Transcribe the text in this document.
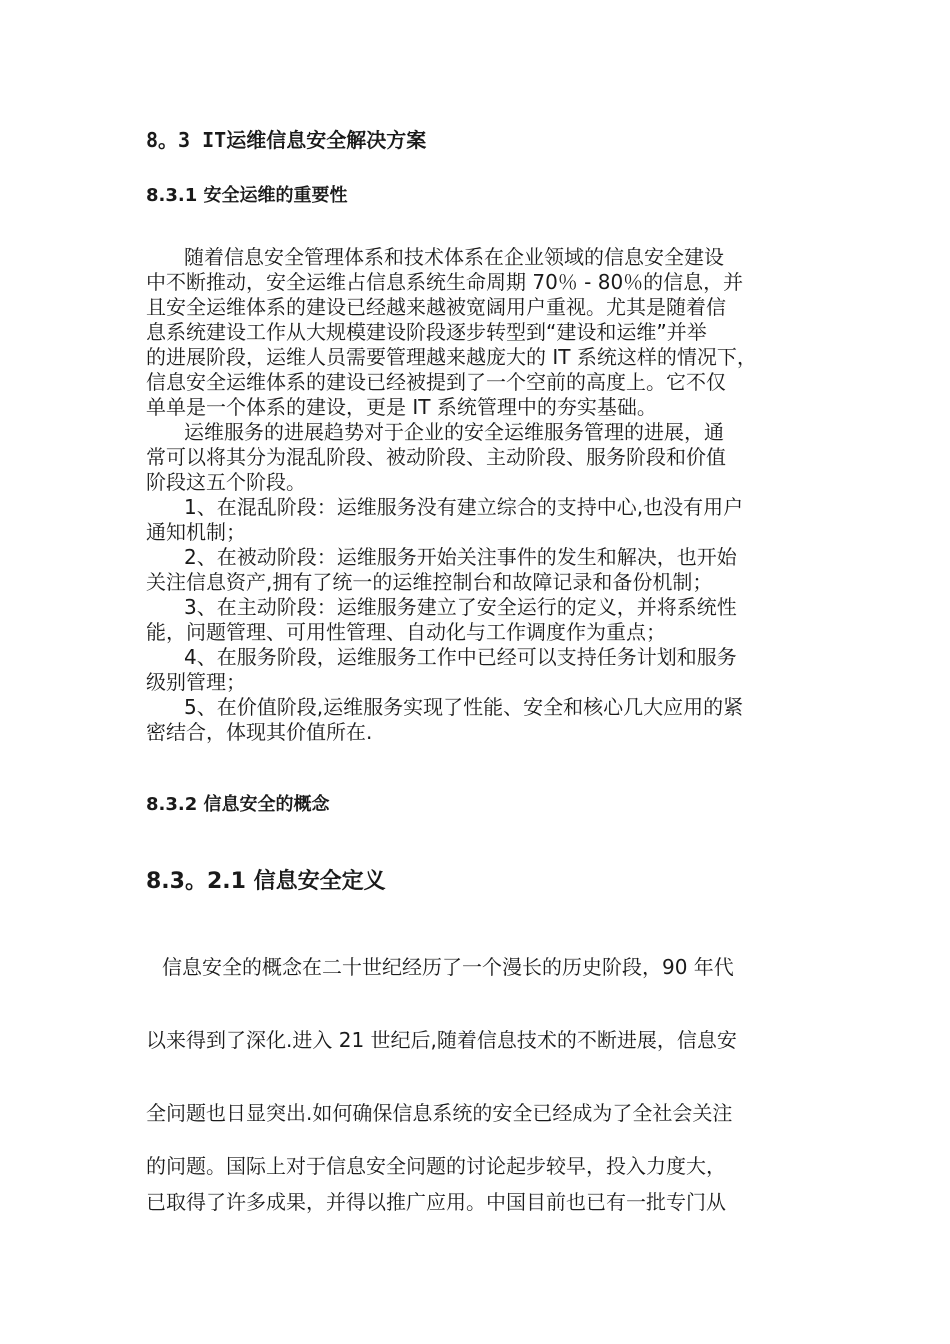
8。3 IT运维信息安全解决方案
8.3.1 安全运维的重要性
随着信息安全管理体系和技术体系在企业领域的信息安全建设
中不断推动，安全运维占信息系统生命周期 70％ - 80％的信息，并
且安全运维体系的建设已经越来越被宽阔用户重视。尤其是随着信
息系统建设工作从大规模建设阶段逐步转型到“建设和运维”并举
的进展阶段，运维人员需要管理越来越庞大的 IT 系统这样的情况下，
信息安全运维体系的建设已经被提到了一个空前的高度上。它不仅
单单是一个体系的建设，更是 IT 系统管理中的夯实基础。
运维服务的进展趋势对于企业的安全运维服务管理的进展，通
常可以将其分为混乱阶段、被动阶段、主动阶段、服务阶段和价值
阶段这五个阶段。
1、在混乱阶段：运维服务没有建立综合的支持中心,也没有用户
通知机制；
2、在被动阶段：运维服务开始关注事件的发生和解决，也开始
关注信息资产,拥有了统一的运维控制台和故障记录和备份机制；
3、在主动阶段：运维服务建立了安全运行的定义，并将系统性
能，问题管理、可用性管理、自动化与工作调度作为重点；
4、在服务阶段，运维服务工作中已经可以支持任务计划和服务
级别管理；
5、在价值阶段,运维服务实现了性能、安全和核心几大应用的紧
密结合，体现其价值所在.
8.3.2 信息安全的概念
8.3。2.1 信息安全定义
信息安全的概念在二十世纪经历了一个漫长的历史阶段，90 年代
以来得到了深化.进入 21 世纪后,随着信息技术的不断进展，信息安
全问题也日显突出.如何确保信息系统的安全已经成为了全社会关注
的问题。国际上对于信息安全问题的讨论起步较早，投入力度大，
已取得了许多成果，并得以推广应用。中国目前也已有一批专门从
